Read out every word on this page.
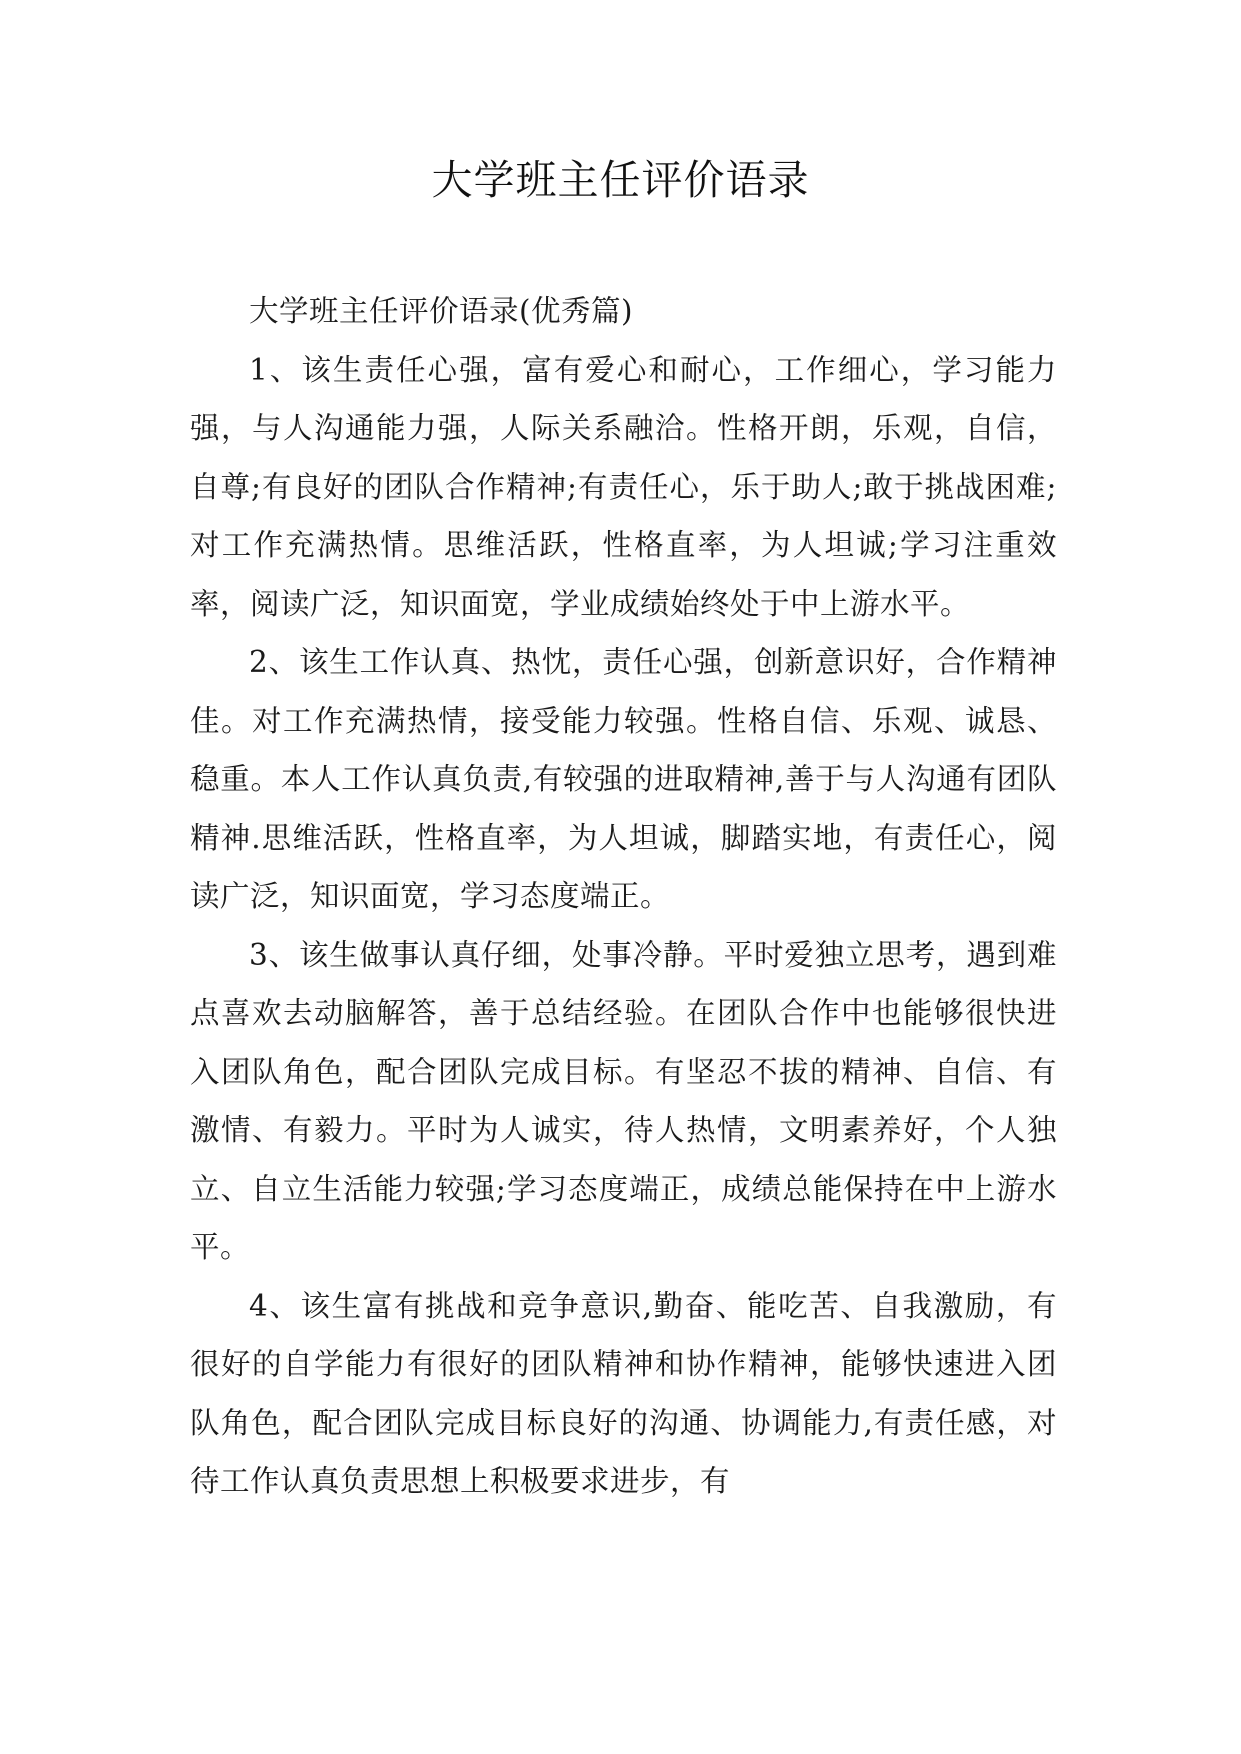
大学班主任评价语录

大学班主任评价语录(优秀篇)

1、该生责任心强，富有爱心和耐心，工作细心，学习能力强，与人沟通能力强，人际关系融洽。性格开朗，乐观，自信，自尊;有良好的团队合作精神;有责任心，乐于助人;敢于挑战困难;对工作充满热情。思维活跃，性格直率，为人坦诚;学习注重效率，阅读广泛，知识面宽，学业成绩始终处于中上游水平。

2、该生工作认真、热忱，责任心强，创新意识好，合作精神佳。对工作充满热情，接受能力较强。性格自信、乐观、诚恳、稳重。本人工作认真负责,有较强的进取精神,善于与人沟通有团队精神.思维活跃，性格直率，为人坦诚，脚踏实地，有责任心，阅读广泛，知识面宽，学习态度端正。

3、该生做事认真仔细，处事冷静。平时爱独立思考，遇到难点喜欢去动脑解答，善于总结经验。在团队合作中也能够很快进入团队角色，配合团队完成目标。有坚忍不拔的精神、自信、有激情、有毅力。平时为人诚实，待人热情，文明素养好，个人独立、自立生活能力较强;学习态度端正，成绩总能保持在中上游水平。

4、该生富有挑战和竞争意识,勤奋、能吃苦、自我激励，有很好的自学能力有很好的团队精神和协作精神，能够快速进入团队角色，配合团队完成目标良好的沟通、协调能力,有责任感，对待工作认真负责思想上积极要求进步，有
